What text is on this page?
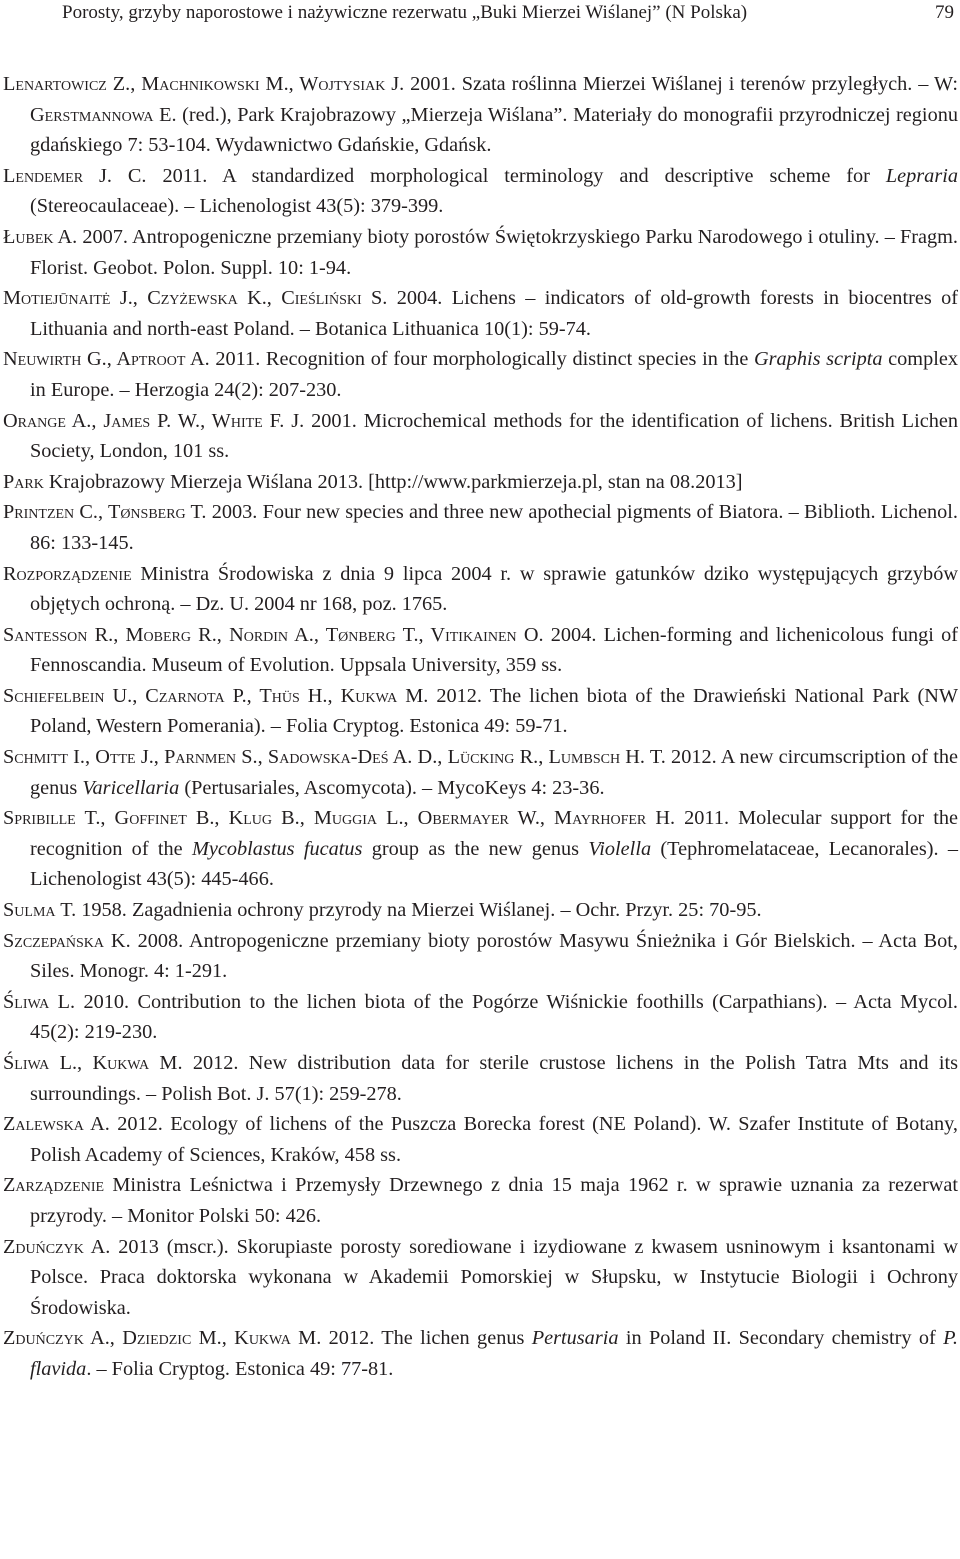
Porosty, grzyby naporostowe i nażywiczne rezerwatu „Buki Mierzei Wiślanej” (N Polska)	79

Lenartowicz Z., Machnikowski M., Wojtysiak J. 2001. Szata roślinna Mierzei Wiślanej i terenów przyległych. – W: Gerstmannowa E. (red.), Park Krajobrazowy „Mierzeja Wiślana”. Materiały do monografii przyrodniczej regionu gdańskiego 7: 53-104. Wydawnictwo Gdańskie, Gdańsk.

Lendemer J. C. 2011. A standardized morphological terminology and descriptive scheme for Lepraria (Stereocaulaceae). – Lichenologist 43(5): 379-399.

Łubek A. 2007. Antropogeniczne przemiany bioty porostów Świętokrzyskiego Parku Narodowego i otuliny. – Fragm. Florist. Geobot. Polon. Suppl. 10: 1-94.

Motiejūnaitė J., Czyżewska K., Cieśliński S. 2004. Lichens – indicators of old-growth forests in biocentres of Lithuania and north-east Poland. – Botanica Lithuanica 10(1): 59-74.

Neuwirth G., Aptroot A. 2011. Recognition of four morphologically distinct species in the Graphis scripta complex in Europe. – Herzogia 24(2): 207-230.

Orange A., James P. W., White F. J. 2001. Microchemical methods for the identification of lichens. British Lichen Society, London, 101 ss.

Park Krajobrazowy Mierzeja Wiślana 2013. [http://www.parkmierzeja.pl, stan na 08.2013]

Printzen C., Tønsberg T. 2003. Four new species and three new apothecial pigments of Biatora. – Biblioth. Lichenol. 86: 133-145.

Rozporządzenie Ministra Środowiska z dnia 9 lipca 2004 r. w sprawie gatunków dziko występujących grzybów objętych ochroną. – Dz. U. 2004 nr 168, poz. 1765.

Santesson R., Moberg R., Nordin A., Tønberg T., Vitikainen O. 2004. Lichen-forming and lichenicolous fungi of Fennoscandia. Museum of Evolution. Uppsala University, 359 ss.

Schiefelbein U., Czarnota P., Thüs H., Kukwa M. 2012. The lichen biota of the Drawieński National Park (NW Poland, Western Pomerania). – Folia Cryptog. Estonica 49: 59-71.

Schmitt I., Otte J., Parnmen S., Sadowska-Deś A. D., Lücking R., Lumbsch H. T. 2012. A new circumscription of the genus Varicellaria (Pertusariales, Ascomycota). – MycoKeys 4: 23-36.

Spribille T., Goffinet B., Klug B., Muggia L., Obermayer W., Mayrhofer H. 2011. Molecular support for the recognition of the Mycoblastus fucatus group as the new genus Violella (Tephromelataceae, Lecanorales). – Lichenologist 43(5): 445-466.

Sulma T. 1958. Zagadnienia ochrony przyrody na Mierzei Wiślanej. – Ochr. Przyr. 25: 70-95.

Szczepańska K. 2008. Antropogeniczne przemiany bioty porostów Masywu Śnieżnika i Gór Bielskich. – Acta Bot, Siles. Monogr. 4: 1-291.

Śliwa L. 2010. Contribution to the lichen biota of the Pogórze Wiśnickie foothills (Carpathians). – Acta Mycol. 45(2): 219-230.

Śliwa L., Kukwa M. 2012. New distribution data for sterile crustose lichens in the Polish Tatra Mts and its surroundings. – Polish Bot. J. 57(1): 259-278.

Zalewska A. 2012. Ecology of lichens of the Puszcza Borecka forest (NE Poland). W. Szafer Institute of Botany, Polish Academy of Sciences, Kraków, 458 ss.

Zarządzenie Ministra Leśnictwa i Przemysły Drzewnego z dnia 15 maja 1962 r. w sprawie uznania za rezerwat przyrody. – Monitor Polski 50: 426.

Zduńczyk A. 2013 (mscr.). Skorupiaste porosty sorediowane i izydiowane z kwasem usninowym i ksantonami w Polsce. Praca doktorska wykonana w Akademii Pomorskiej w Słupsku, w Instytucie Biologii i Ochrony Środowiska.

Zduńczyk A., Dziedzic M., Kukwa M. 2012. The lichen genus Pertusaria in Poland II. Secondary chemistry of P. flavida. – Folia Cryptog. Estonica 49: 77-81.
